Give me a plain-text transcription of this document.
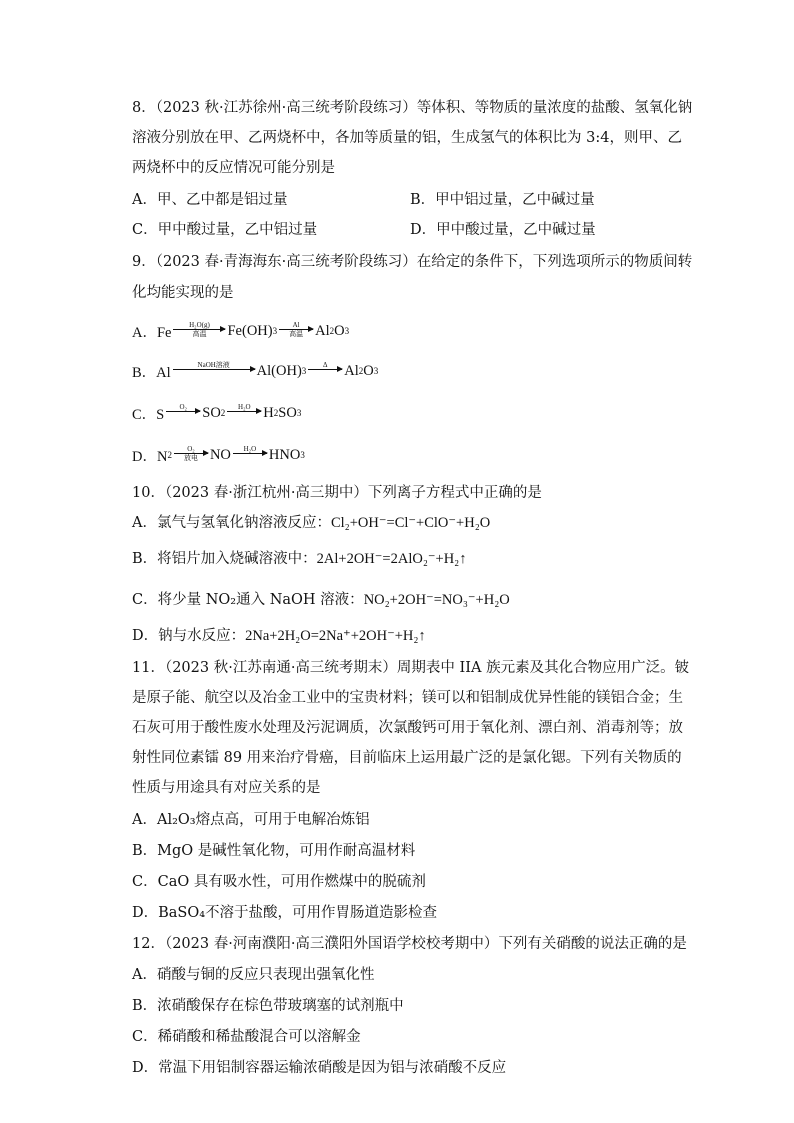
8．（2023 秋·江苏徐州·高三统考阶段练习）等体积、等物质的量浓度的盐酸、氢氧化钠
溶液分别放在甲、乙两烧杯中，各加等质量的铝，生成氢气的体积比为 3:4，则甲、乙
两烧杯中的反应情况可能分别是
A．甲、乙中都是铝过量	B．甲中铝过量，乙中碱过量
C．甲中酸过量，乙中铝过量	D．甲中酸过量，乙中碱过量
9．（2023 春·青海海东·高三统考阶段练习）在给定的条件下，下列选项所示的物质间转
化均能实现的是
A．Fe	H₂O(g)
高温 Fe(OH) 3
Al
高温 Al 2 O 3
B．Al	NaOH溶液 Al(OH) 3
Δ Al 2 O 3
C．S O₂ SO 2
H₂O H 2 SO 3
D．N 2
O₂
放电 NO H₂O HNO 3
10．（2023 春·浙江杭州·高三期中）下列离子方程式中正确的是
A．氯气与氢氧化钠溶液反应：Cl₂+OH⁻=Cl⁻+ClO⁻+H₂O
B．将铝片加入烧碱溶液中：2Al+2OH⁻=2AlO₂⁻+H₂↑
C．将少量 NO₂通入 NaOH 溶液：NO₂+2OH⁻=NO₃⁻+H₂O
D．钠与水反应：2Na+2H₂O=2Na⁺+2OH⁻+H₂↑
11．（2023 秋·江苏南通·高三统考期末）周期表中 IIA 族元素及其化合物应用广泛。铍
是原子能、航空以及冶金工业中的宝贵材料；镁可以和铝制成优异性能的镁铝合金；生
石灰可用于酸性废水处理及污泥调质，次氯酸钙可用于氧化剂、漂白剂、消毒剂等；放
射性同位素镭 89 用来治疗骨癌，目前临床上运用最广泛的是氯化锶。下列有关物质的
性质与用途具有对应关系的是
A．Al₂O₃熔点高，可用于电解冶炼铝
B．MgO 是碱性氧化物，可用作耐高温材料
C．CaO 具有吸水性，可用作燃煤中的脱硫剂
D．BaSO₄不溶于盐酸，可用作胃肠道造影检查
12．（2023 春·河南濮阳·高三濮阳外国语学校校考期中）下列有关硝酸的说法正确的是
A．硝酸与铜的反应只表现出强氧化性
B．浓硝酸保存在棕色带玻璃塞的试剂瓶中
C．稀硝酸和稀盐酸混合可以溶解金
D．常温下用铝制容器运输浓硝酸是因为铝与浓硝酸不反应
